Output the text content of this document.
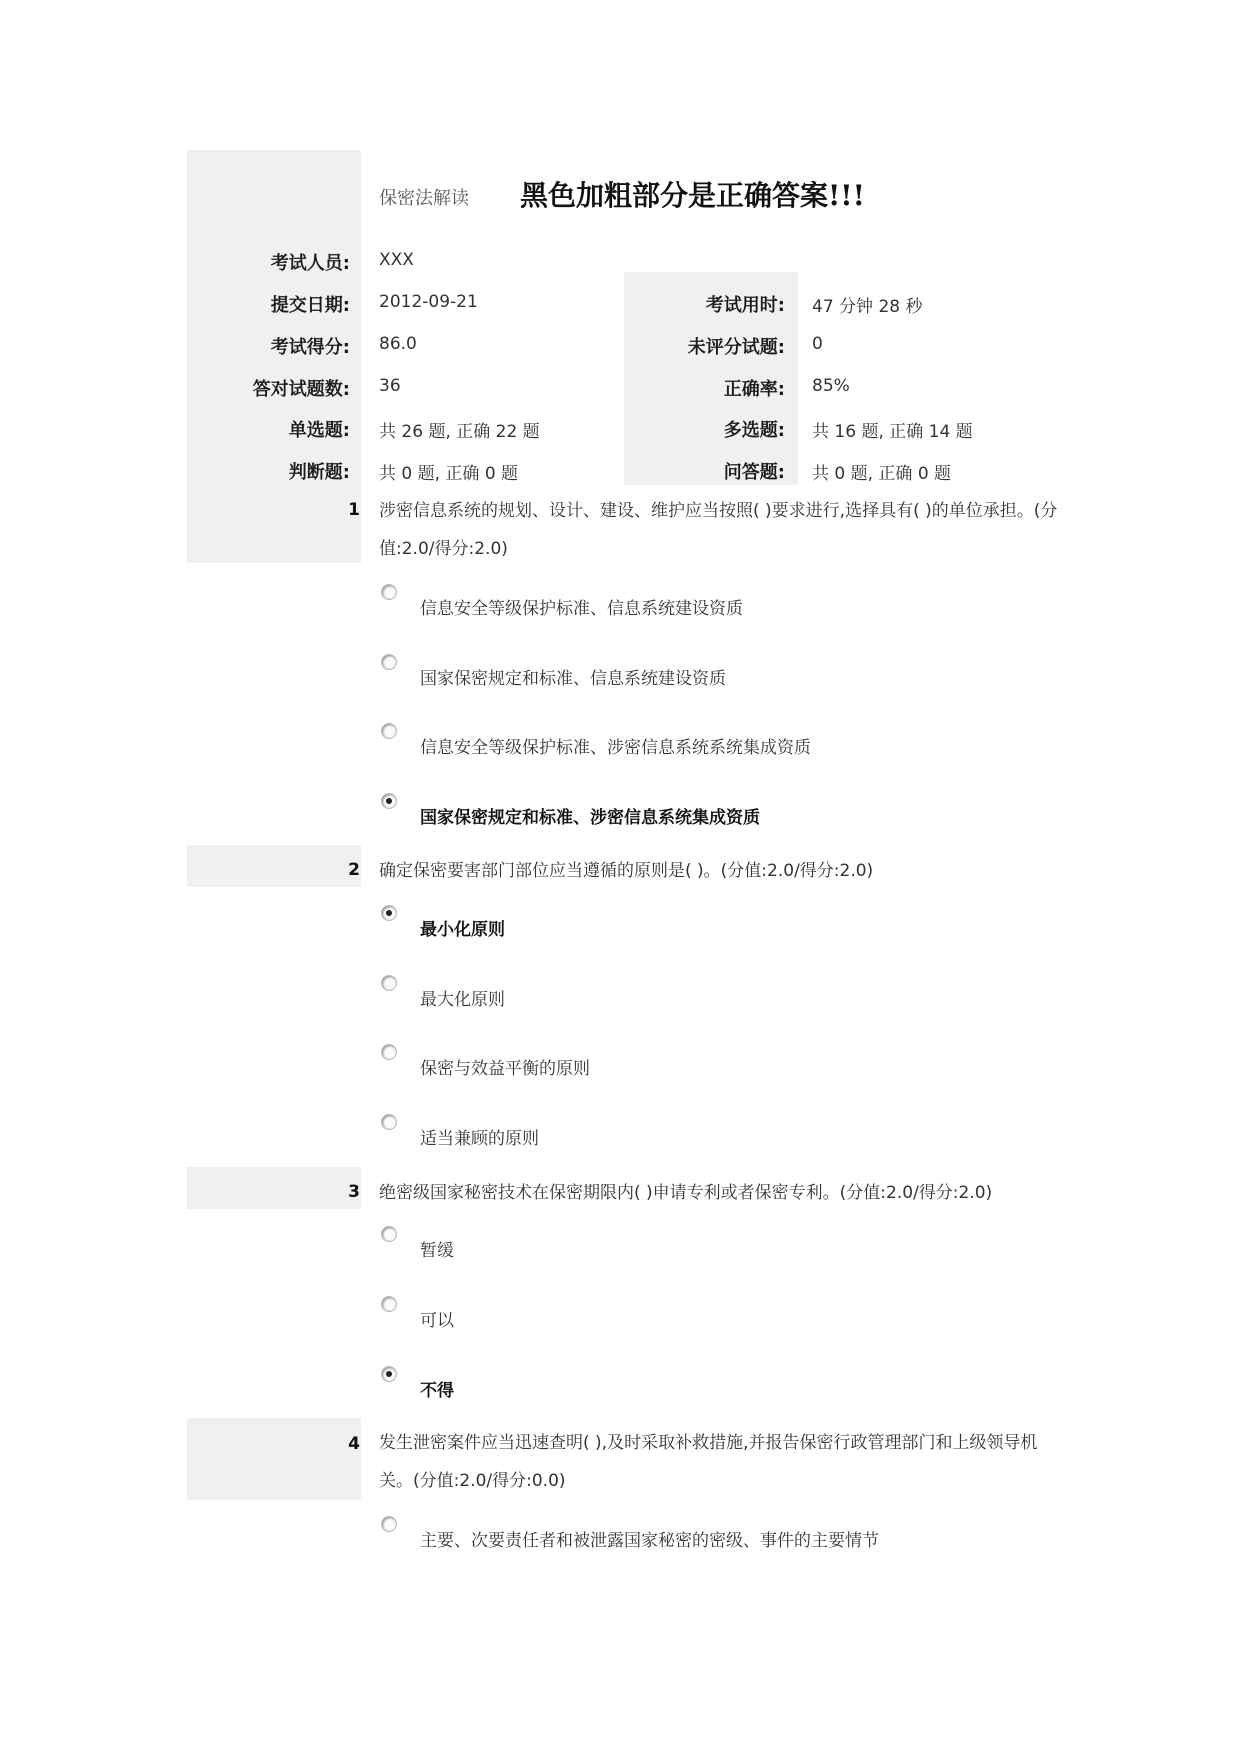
保密法解读 黑色加粗部分是正确答案!!!
考试人员: XXX
提交日期: 2012-09-21
考试得分: 86.0
答对试题数: 36
单选题: 共 26 题, 正确 22 题
判断题: 共 0 题, 正确 0 题
考试用时: 47 分钟 28 秒
未评分试题: 0
正确率: 85%
多选题: 共 16 题, 正确 14 题
问答题: 共 0 题, 正确 0 题
1 涉密信息系统的规划、设计、建设、维护应当按照( )要求进行,选择具有( )的单位承担。(分值:2.0/得分:2.0)
信息安全等级保护标准、信息系统建设资质
国家保密规定和标准、信息系统建设资质
信息安全等级保护标准、涉密信息系统系统集成资质
国家保密规定和标准、涉密信息系统集成资质
2 确定保密要害部门部位应当遵循的原则是( )。(分值:2.0/得分:2.0)
最小化原则
最大化原则
保密与效益平衡的原则
适当兼顾的原则
3 绝密级国家秘密技术在保密期限内( )申请专利或者保密专利。(分值:2.0/得分:2.0)
暂缓
可以
不得
4 发生泄密案件应当迅速查明( ),及时采取补救措施,并报告保密行政管理部门和上级领导机关。(分值:2.0/得分:0.0)
主要、次要责任者和被泄露国家秘密的密级、事件的主要情节
